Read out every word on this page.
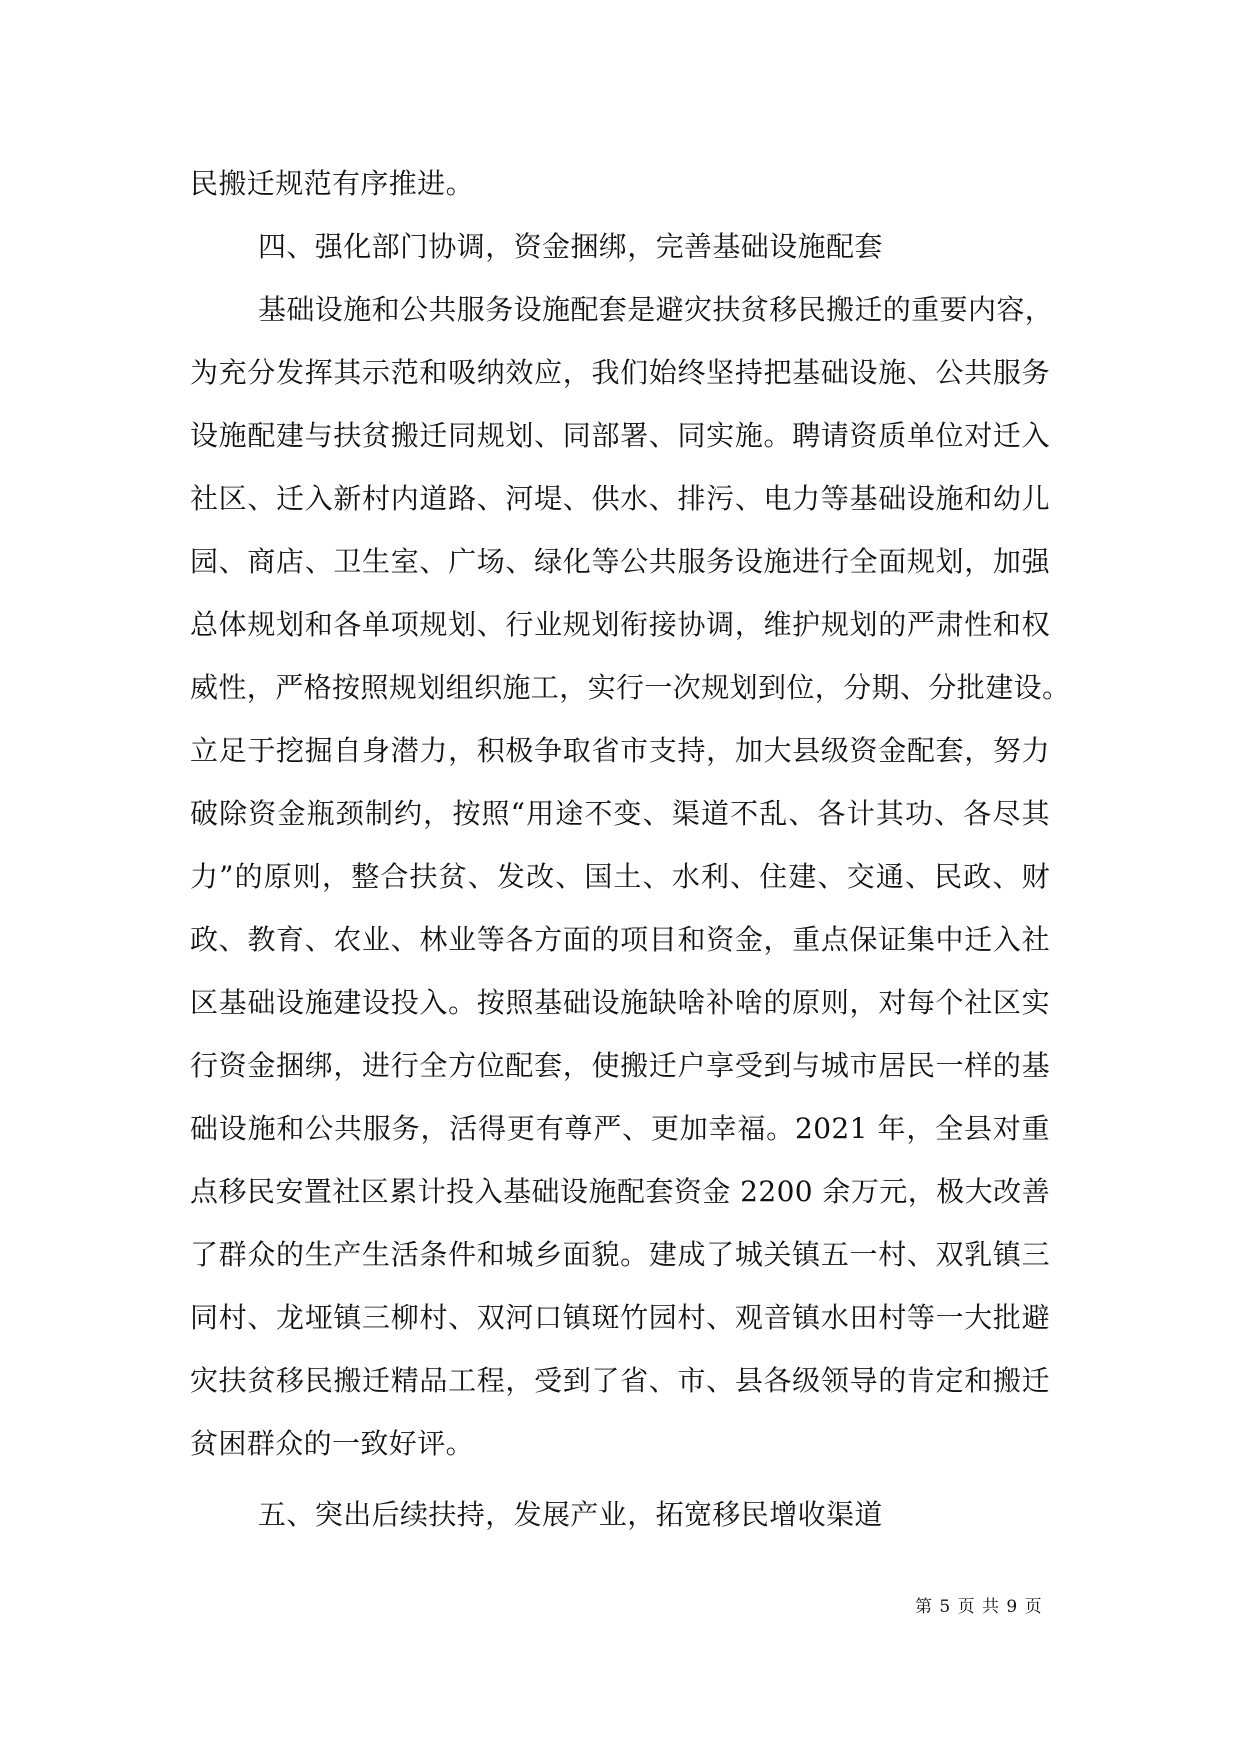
民搬迁规范有序推进。
四、强化部门协调，资金捆绑，完善基础设施配套
基础设施和公共服务设施配套是避灾扶贫移民搬迁的重要内容，
为充分发挥其示范和吸纳效应，我们始终坚持把基础设施、公共服务
设施配建与扶贫搬迁同规划、同部署、同实施。聘请资质单位对迁入
社区、迁入新村内道路、河堤、供水、排污、电力等基础设施和幼儿
园、商店、卫生室、广场、绿化等公共服务设施进行全面规划，加强
总体规划和各单项规划、行业规划衔接协调，维护规划的严肃性和权
威性，严格按照规划组织施工，实行一次规划到位，分期、分批建设。
立足于挖掘自身潜力，积极争取省市支持，加大县级资金配套，努力
破除资金瓶颈制约，按照“用途不变、渠道不乱、各计其功、各尽其
力”的原则，整合扶贫、发改、国土、水利、住建、交通、民政、财
政、教育、农业、林业等各方面的项目和资金，重点保证集中迁入社
区基础设施建设投入。按照基础设施缺啥补啥的原则，对每个社区实
行资金捆绑，进行全方位配套，使搬迁户享受到与城市居民一样的基
础设施和公共服务，活得更有尊严、更加幸福。2021 年，全县对重
点移民安置社区累计投入基础设施配套资金 2200 余万元，极大改善
了群众的生产生活条件和城乡面貌。建成了城关镇五一村、双乳镇三
同村、龙垭镇三柳村、双河口镇斑竹园村、观音镇水田村等一大批避
灾扶贫移民搬迁精品工程，受到了省、市、县各级领导的肯定和搬迁
贫困群众的一致好评。
五、突出后续扶持，发展产业，拓宽移民增收渠道
第 5 页 共 9 页
